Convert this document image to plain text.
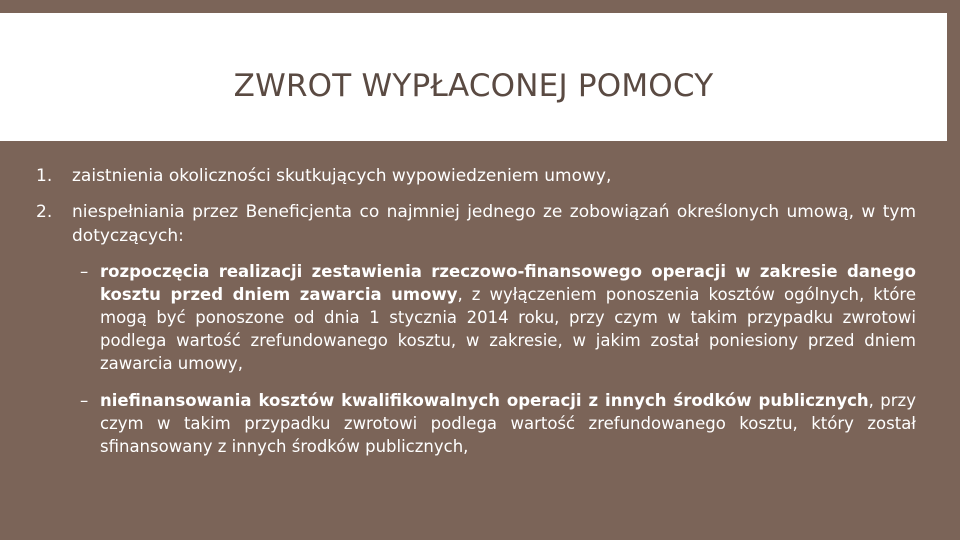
ZWROT WYPŁACONEJ POMOCY
1.	zaistnienia okoliczności skutkujących wypowiedzeniem umowy,
2.	niespełniania przez Beneficjenta co najmniej jednego ze zobowiązań określonych umową, w tym dotyczących:
– rozpoczęcia realizacji zestawienia rzeczowo-finansowego operacji w zakresie danego kosztu przed dniem zawarcia umowy, z wyłączeniem ponoszenia kosztów ogólnych, które mogą być ponoszone od dnia 1 stycznia 2014 roku, przy czym w takim przypadku zwrotowi podlega wartość zrefundowanego kosztu, w zakresie, w jakim został poniesiony przed dniem zawarcia umowy,
– niefinansowania kosztów kwalifikowalnych operacji z innych środków publicznych, przy czym w takim przypadku zwrotowi podlega wartość zrefundowanego kosztu, który został sfinansowany z innych środków publicznych,
